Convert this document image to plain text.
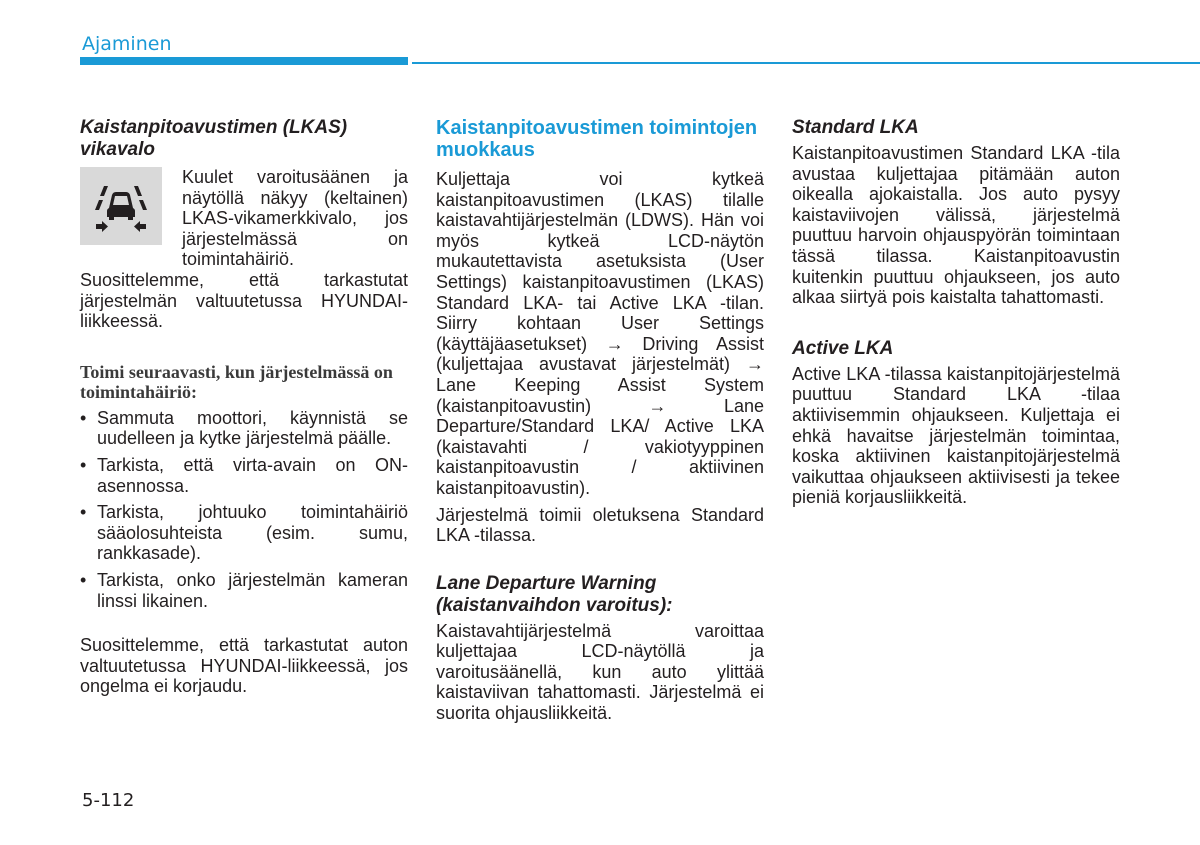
Ajaminen

Kaistanpitoavustimen (LKAS) vikavalo

Kuulet varoitusäänen ja näytöllä näkyy (keltainen) LKAS-vikamerkkivalo, jos järjestelmässä on toimintahäiriö. Suosittelemme, että tarkastutat järjestelmän valtuutetussa HYUNDAI-liikkeessä.

Toimi seuraavasti, kun järjestelmässä on toimintahäiriö:

• Sammuta moottori, käynnistä se uudelleen ja kytke järjestelmä päälle.
• Tarkista, että virta-avain on ON-asennossa.
• Tarkista, johtuuko toimintahäiriö sääolosuhteista (esim. sumu, rankkasade).
• Tarkista, onko järjestelmän kameran linssi likainen.

Suosittelemme, että tarkastutat auton valtuutetussa HYUNDAI-liikkeessä, jos ongelma ei korjaudu.

Kaistanpitoavustimen toimintojen muokkaus

Kuljettaja voi kytkeä kaistanpitoavustimen (LKAS) tilalle kaistavahtijärjestelmän (LDWS). Hän voi myös kytkeä LCD-näytön mukautettavista asetuksista (User Settings) kaistanpitoavustimen (LKAS) Standard LKA- tai Active LKA -tilan. Siirry kohtaan User Settings (käyttäjäasetukset) → Driving Assist (kuljettajaa avustavat järjestelmät) → Lane Keeping Assist System (kaistanpitoavustin) → Lane Departure/Standard LKA/ Active LKA (kaistavahti / vakiotyyppinen kaistanpitoavustin / aktiivinen kaistanpitoavustin).

Järjestelmä toimii oletuksena Standard LKA -tilassa.

Lane Departure Warning (kaistanvaihdon varoitus):

Kaistavahtijärjestelmä varoittaa kuljettajaa LCD-näytöllä ja varoitusäänellä, kun auto ylittää kaistaviivan tahattomasti. Järjestelmä ei suorita ohjausliikkeitä.

Standard LKA

Kaistanpitoavustimen Standard LKA -tila avustaa kuljettajaa pitämään auton oikealla ajokaistalla. Jos auto pysyy kaistaviivojen välissä, järjestelmä puuttuu harvoin ohjauspyörän toimintaan tässä tilassa. Kaistanpitoavustin kuitenkin puuttuu ohjaukseen, jos auto alkaa siirtyä pois kaistalta tahattomasti.

Active LKA

Active LKA -tilassa kaistanpitojärjestelmä puuttuu Standard LKA -tilaa aktiivisemmin ohjaukseen. Kuljettaja ei ehkä havaitse järjestelmän toimintaa, koska aktiivinen kaistanpitojärjestelmä vaikuttaa ohjaukseen aktiivisesti ja tekee pieniä korjausliikkeitä.

5-112
